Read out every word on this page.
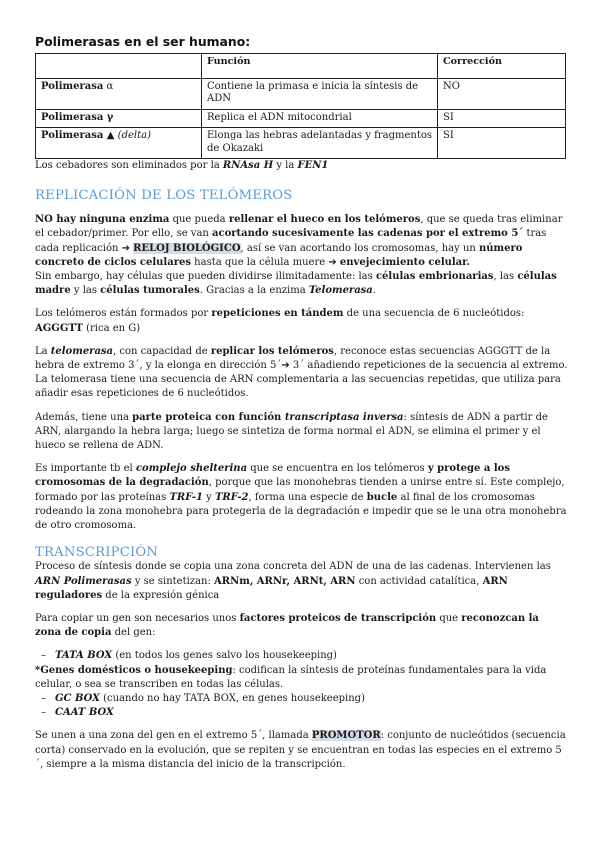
Polimerasas en el ser humano:
	Función	Corrección
Polimerasa α	Contiene la primasa e inicia la síntesis de ADN	NO
Polimerasa γ	Replica el ADN mitocondrial	SI
Polimerasa ▲ (delta)	Elonga las hebras adelantadas y fragmentos de Okazaki	SI

Los cebadores son eliminados por la RNAsa H y la FEN1

REPLICACIÓN DE LOS TELÓMEROS

NO hay ninguna enzima que pueda rellenar el hueco en los telómeros, que se queda tras eliminar el cebador/primer. Por ello, se van acortando sucesivamente las cadenas por el extremo 5´ tras cada replicación ➔ RELOJ BIOLÓGICO, así se van acortando los cromosomas, hay un número concreto de ciclos celulares hasta que la célula muere ➔ envejecimiento celular.

Sin embargo, hay células que pueden dividirse ilimitadamente: las células embrionarias, las células madre y las células tumorales. Gracias a la enzima Telomerasa.

Los telómeros están formados por repeticiones en tándem de una secuencia de 6 nucleótidos: AGGGTT (rica en G)

La telomerasa, con capacidad de replicar los telómeros, reconoce estas secuencias AGGGTT de la hebra de extremo 3´, y la elonga en dirección 5´➔ 3´ añadiendo repeticiones de la secuencia al extremo. La telomerasa tiene una secuencia de ARN complementaria a las secuencias repetidas, que utiliza para añadir esas repeticiones de 6 nucleótidos.

Además, tiene una parte proteica con función transcriptasa inversa: síntesis de ADN a partir de ARN, alargando la hebra larga; luego se sintetiza de forma normal el ADN, se elimina el primer y el hueco se rellena de ADN.

Es importante tb el complejo shelterina que se encuentra en los telómeros y protege a los cromosomas de la degradación, porque que las monohebras tienden a unirse entre sí. Este complejo, formado por las proteínas TRF-1 y TRF-2, forma una especie de bucle al final de los cromosomas rodeando la zona monohebra para protegerla de la degradación e impedir que se le una otra monohebra de otro cromosoma.

TRANSCRIPCIÓN

Proceso de síntesis donde se copia una zona concreta del ADN de una de las cadenas. Intervienen las ARN Polimerasas y se sintetizan: ARNm, ARNr, ARNt, ARN con actividad catalítica, ARN reguladores de la expresión génica

Para copiar un gen son necesarios unos factores proteicos de transcripción que reconozcan la zona de copia del gen:

– TATA BOX (en todos los genes salvo los housekeeping)

*Genes domésticos o housekeeping: codifican la síntesis de proteínas fundamentales para la vida celular, o sea se transcriben en todas las células.

– GC BOX (cuando no hay TATA BOX, en genes housekeeping)
– CAAT BOX

Se unen a una zona del gen en el extremo 5´, llamada PROMOTOR: conjunto de nucleótidos (secuencia corta) conservado en la evolución, que se repiten y se encuentran en todas las especies en el extremo 5´, siempre a la misma distancia del inicio de la transcripción.
